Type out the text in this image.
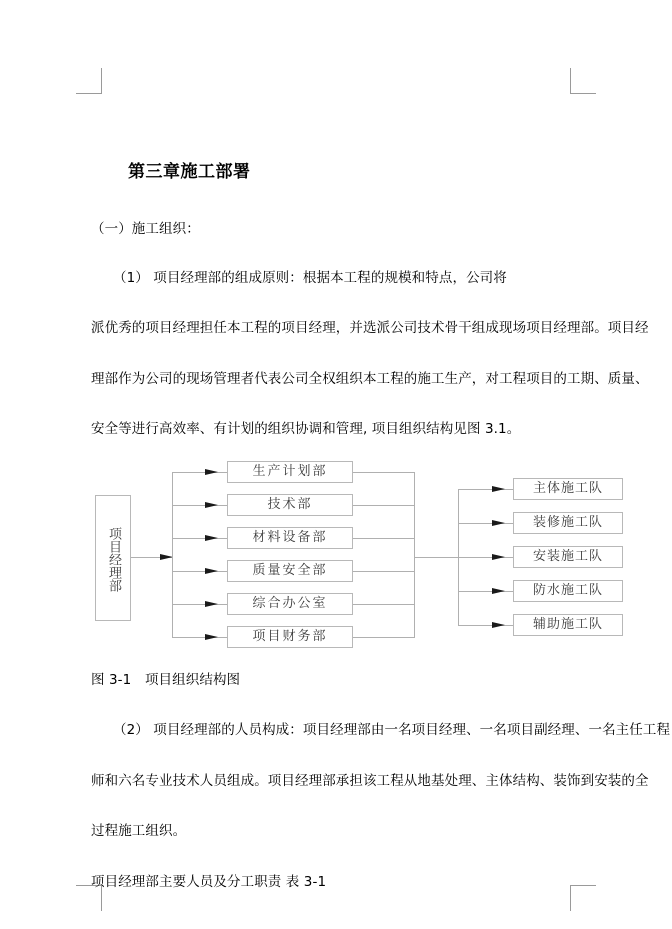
第三章施工部署
（一）施工组织：
（1） 项目经理部的组成原则：根据本工程的规模和特点，公司将
派优秀的项目经理担任本工程的项目经理，并选派公司技术骨干组成现场项目经理部。项目经
理部作为公司的现场管理者代表公司全权组织本工程的施工生产，对工程项目的工期、质量、
安全等进行高效率、有计划的组织协调和管理, 项目组织结构见图 3.1。
项目经理部
生产计划部
技术部
材料设备部
质量安全部
综合办公室
项目财务部
主体施工队
装修施工队
安装施工队
防水施工队
辅助施工队
图 3-1　项目组织结构图
（2） 项目经理部的人员构成：项目经理部由一名项目经理、一名项目副经理、一名主任工程
师和六名专业技术人员组成。项目经理部承担该工程从地基处理、主体结构、装饰到安装的全
过程施工组织。
项目经理部主要人员及分工职责 表 3-1
